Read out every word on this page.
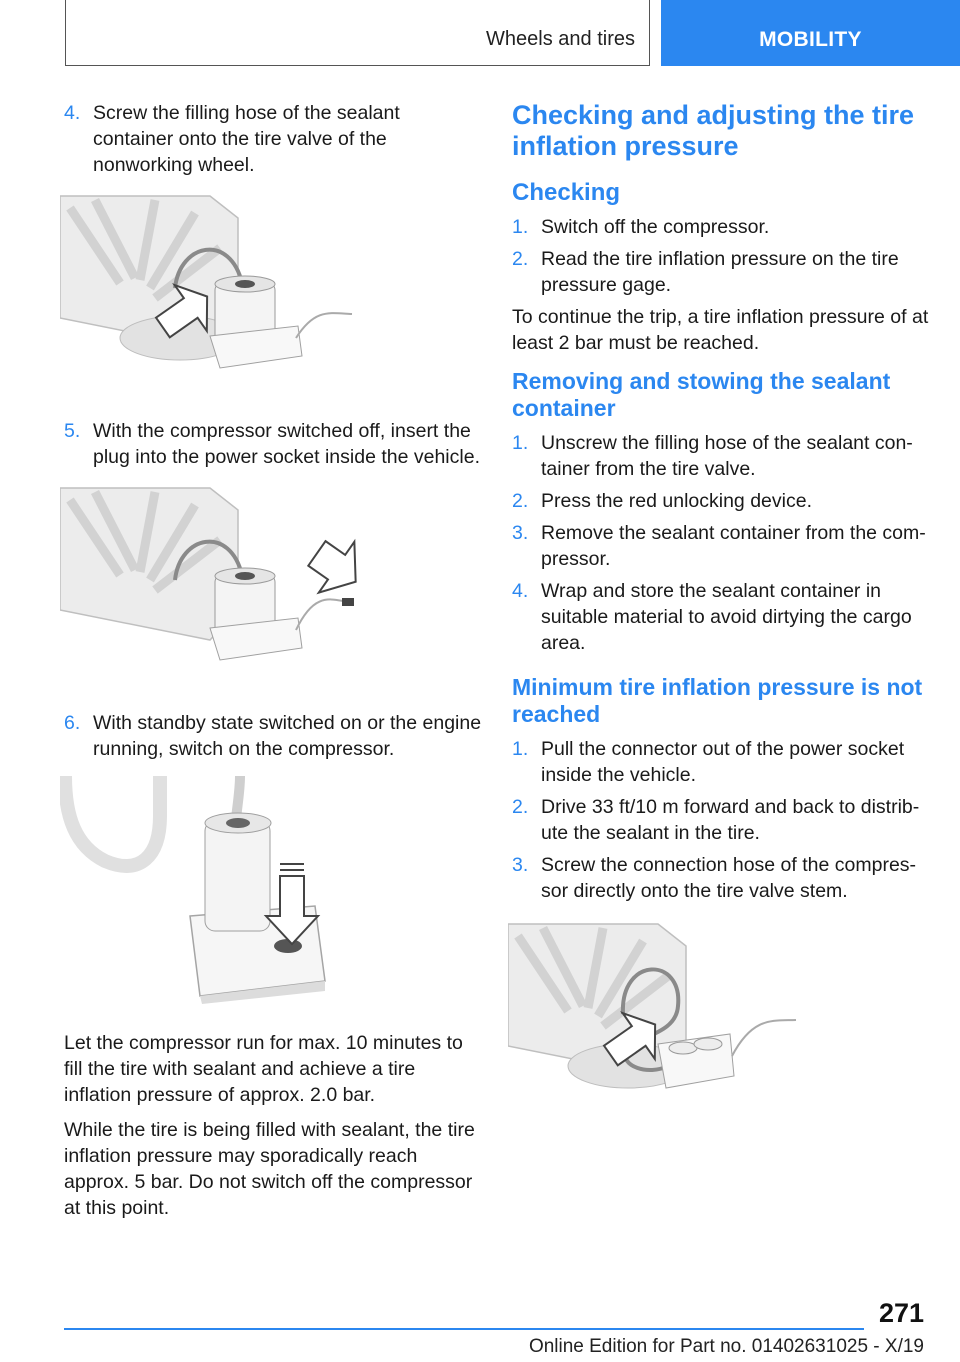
Wheels and tires	MOBILITY
4. Screw the filling hose of the sealant container onto the tire valve of the nonworking wheel.
5. With the compressor switched off, insert the plug into the power socket inside the vehicle.
6. With standby state switched on or the engine running, switch on the compressor.

Let the compressor run for max. 10 minutes to fill the tire with sealant and achieve a tire inflation pressure of approx. 2.0 bar.

While the tire is being filled with sealant, the tire inflation pressure may sporadically reach approx. 5 bar. Do not switch off the compressor at this point.

Checking and adjusting the tire inflation pressure
Checking
1. Switch off the compressor.
2. Read the tire inflation pressure on the tire pressure gage.

To continue the trip, a tire inflation pressure of at least 2 bar must be reached.

Removing and stowing the sealant container
1. Unscrew the filling hose of the sealant container from the tire valve.
2. Press the red unlocking device.
3. Remove the sealant container from the compressor.
4. Wrap and store the sealant container in suitable material to avoid dirtying the cargo area.
Minimum tire inflation pressure is not reached
1. Pull the connector out of the power socket inside the vehicle.
2. Drive 33 ft/10 m forward and back to distribute the sealant in the tire.
3. Screw the connection hose of the compressor directly onto the tire valve stem.
271
Online Edition for Part no. 01402631025 - X/19
